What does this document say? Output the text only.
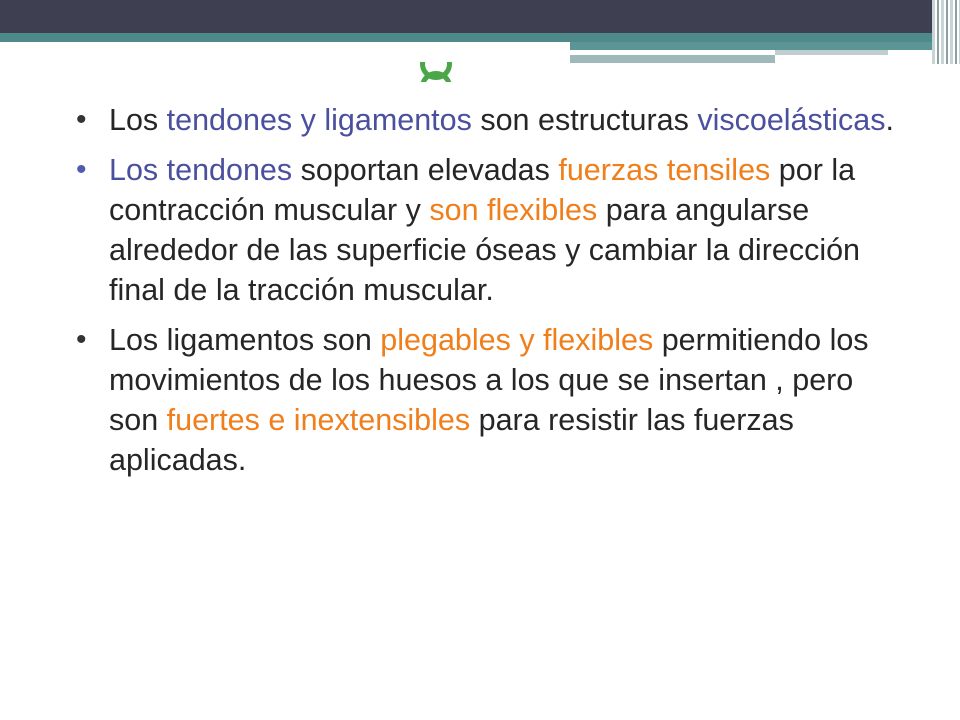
• Los tendones y ligamentos son estructuras viscoelásticas.
• Los tendones soportan elevadas fuerzas tensiles por la contracción muscular y son flexibles para angularse alrededor de las superficie óseas y cambiar la dirección final de la tracción muscular.
• Los ligamentos son plegables y flexibles permitiendo los movimientos de los huesos a los que se insertan , pero son fuertes e inextensibles para resistir las fuerzas aplicadas.
